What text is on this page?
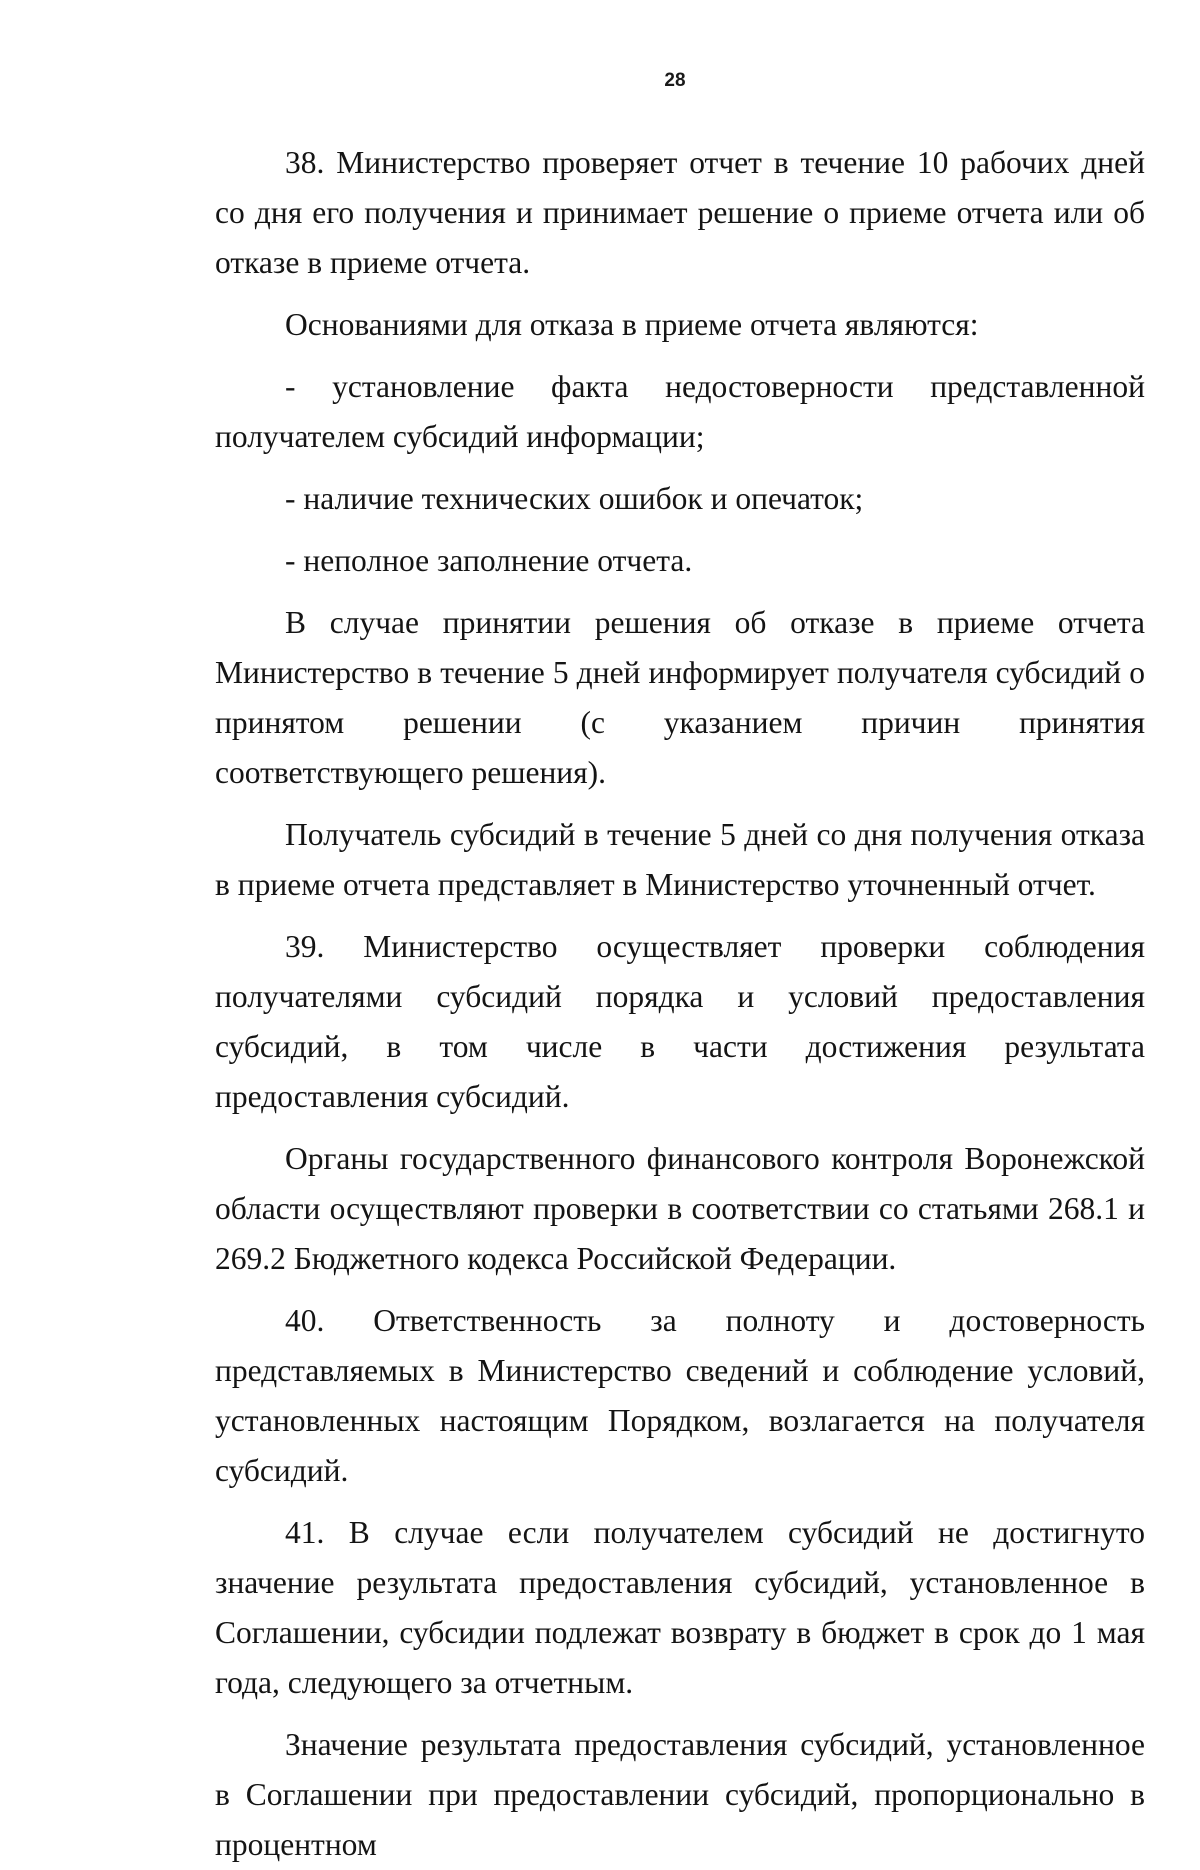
28

38. Министерство проверяет отчет в течение 10 рабочих дней со дня его получения и принимает решение о приеме отчета или об отказе в приеме отчета.

Основаниями для отказа в приеме отчета являются:

- установление факта недостоверности представленной получателем субсидий информации;

- наличие технических ошибок и опечаток;

- неполное заполнение отчета.

В случае принятии решения об отказе в приеме отчета Министерство в течение 5 дней информирует получателя субсидий о принятом решении (с указанием причин принятия соответствующего решения).

Получатель субсидий в течение 5 дней со дня получения отказа в приеме отчета представляет в Министерство уточненный отчет.

39. Министерство осуществляет проверки соблюдения получателями субсидий порядка и условий предоставления субсидий, в том числе в части достижения результата предоставления субсидий.

Органы государственного финансового контроля Воронежской области осуществляют проверки в соответствии со статьями 268.1 и 269.2 Бюджетного кодекса Российской Федерации.

40. Ответственность за полноту и достоверность представляемых в Министерство сведений и соблюдение условий, установленных настоящим Порядком, возлагается на получателя субсидий.

41. В случае если получателем субсидий не достигнуто значение результата предоставления субсидий, установленное в Соглашении, субсидии подлежат возврату в бюджет в срок до 1 мая года, следующего за отчетным.

Значение результата предоставления субсидий, установленное в Соглашении при предоставлении субсидий, пропорционально в процентном
